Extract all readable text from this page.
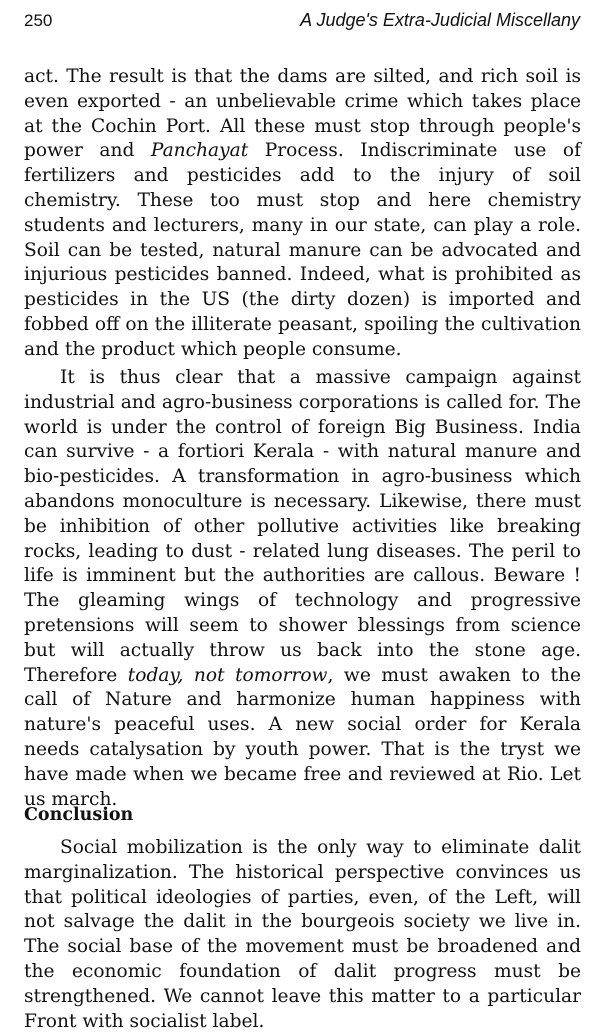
250	A Judge's Extra-Judicial Miscellany

act. The result is that the dams are silted, and rich soil is even exported - an unbelievable crime which takes place at the Cochin Port. All these must stop through people's power and Panchayat Process. Indiscriminate use of fertilizers and pesticides add to the injury of soil chemistry. These too must stop and here chemistry students and lecturers, many in our state, can play a role. Soil can be tested, natural manure can be advocated and injurious pesticides banned. Indeed, what is prohibited as pesticides in the US (the dirty dozen) is imported and fobbed off on the illiterate peasant, spoiling the cultivation and the product which people consume.

It is thus clear that a massive campaign against industrial and agro-business corporations is called for. The world is under the control of foreign Big Business. India can survive - a fortiori Kerala - with natural manure and bio-pesticides. A transformation in agro-business which abandons monoculture is necessary. Likewise, there must be inhibition of other pollutive activities like breaking rocks, leading to dust - related lung diseases. The peril to life is imminent but the authorities are callous. Beware ! The gleaming wings of technology and progressive pretensions will seem to shower blessings from science but will actually throw us back into the stone age. Therefore today, not tomorrow, we must awaken to the call of Nature and harmonize human happiness with nature's peaceful uses. A new social order for Kerala needs catalysation by youth power. That is the tryst we have made when we became free and reviewed at Rio. Let us march.

Conclusion

Social mobilization is the only way to eliminate dalit marginalization. The historical perspective convinces us that political ideologies of parties, even, of the Left, will not salvage the dalit in the bourgeois society we live in. The social base of the movement must be broadened and the economic foundation of dalit progress must be strengthened. We cannot leave this matter to a particular Front with socialist label.
